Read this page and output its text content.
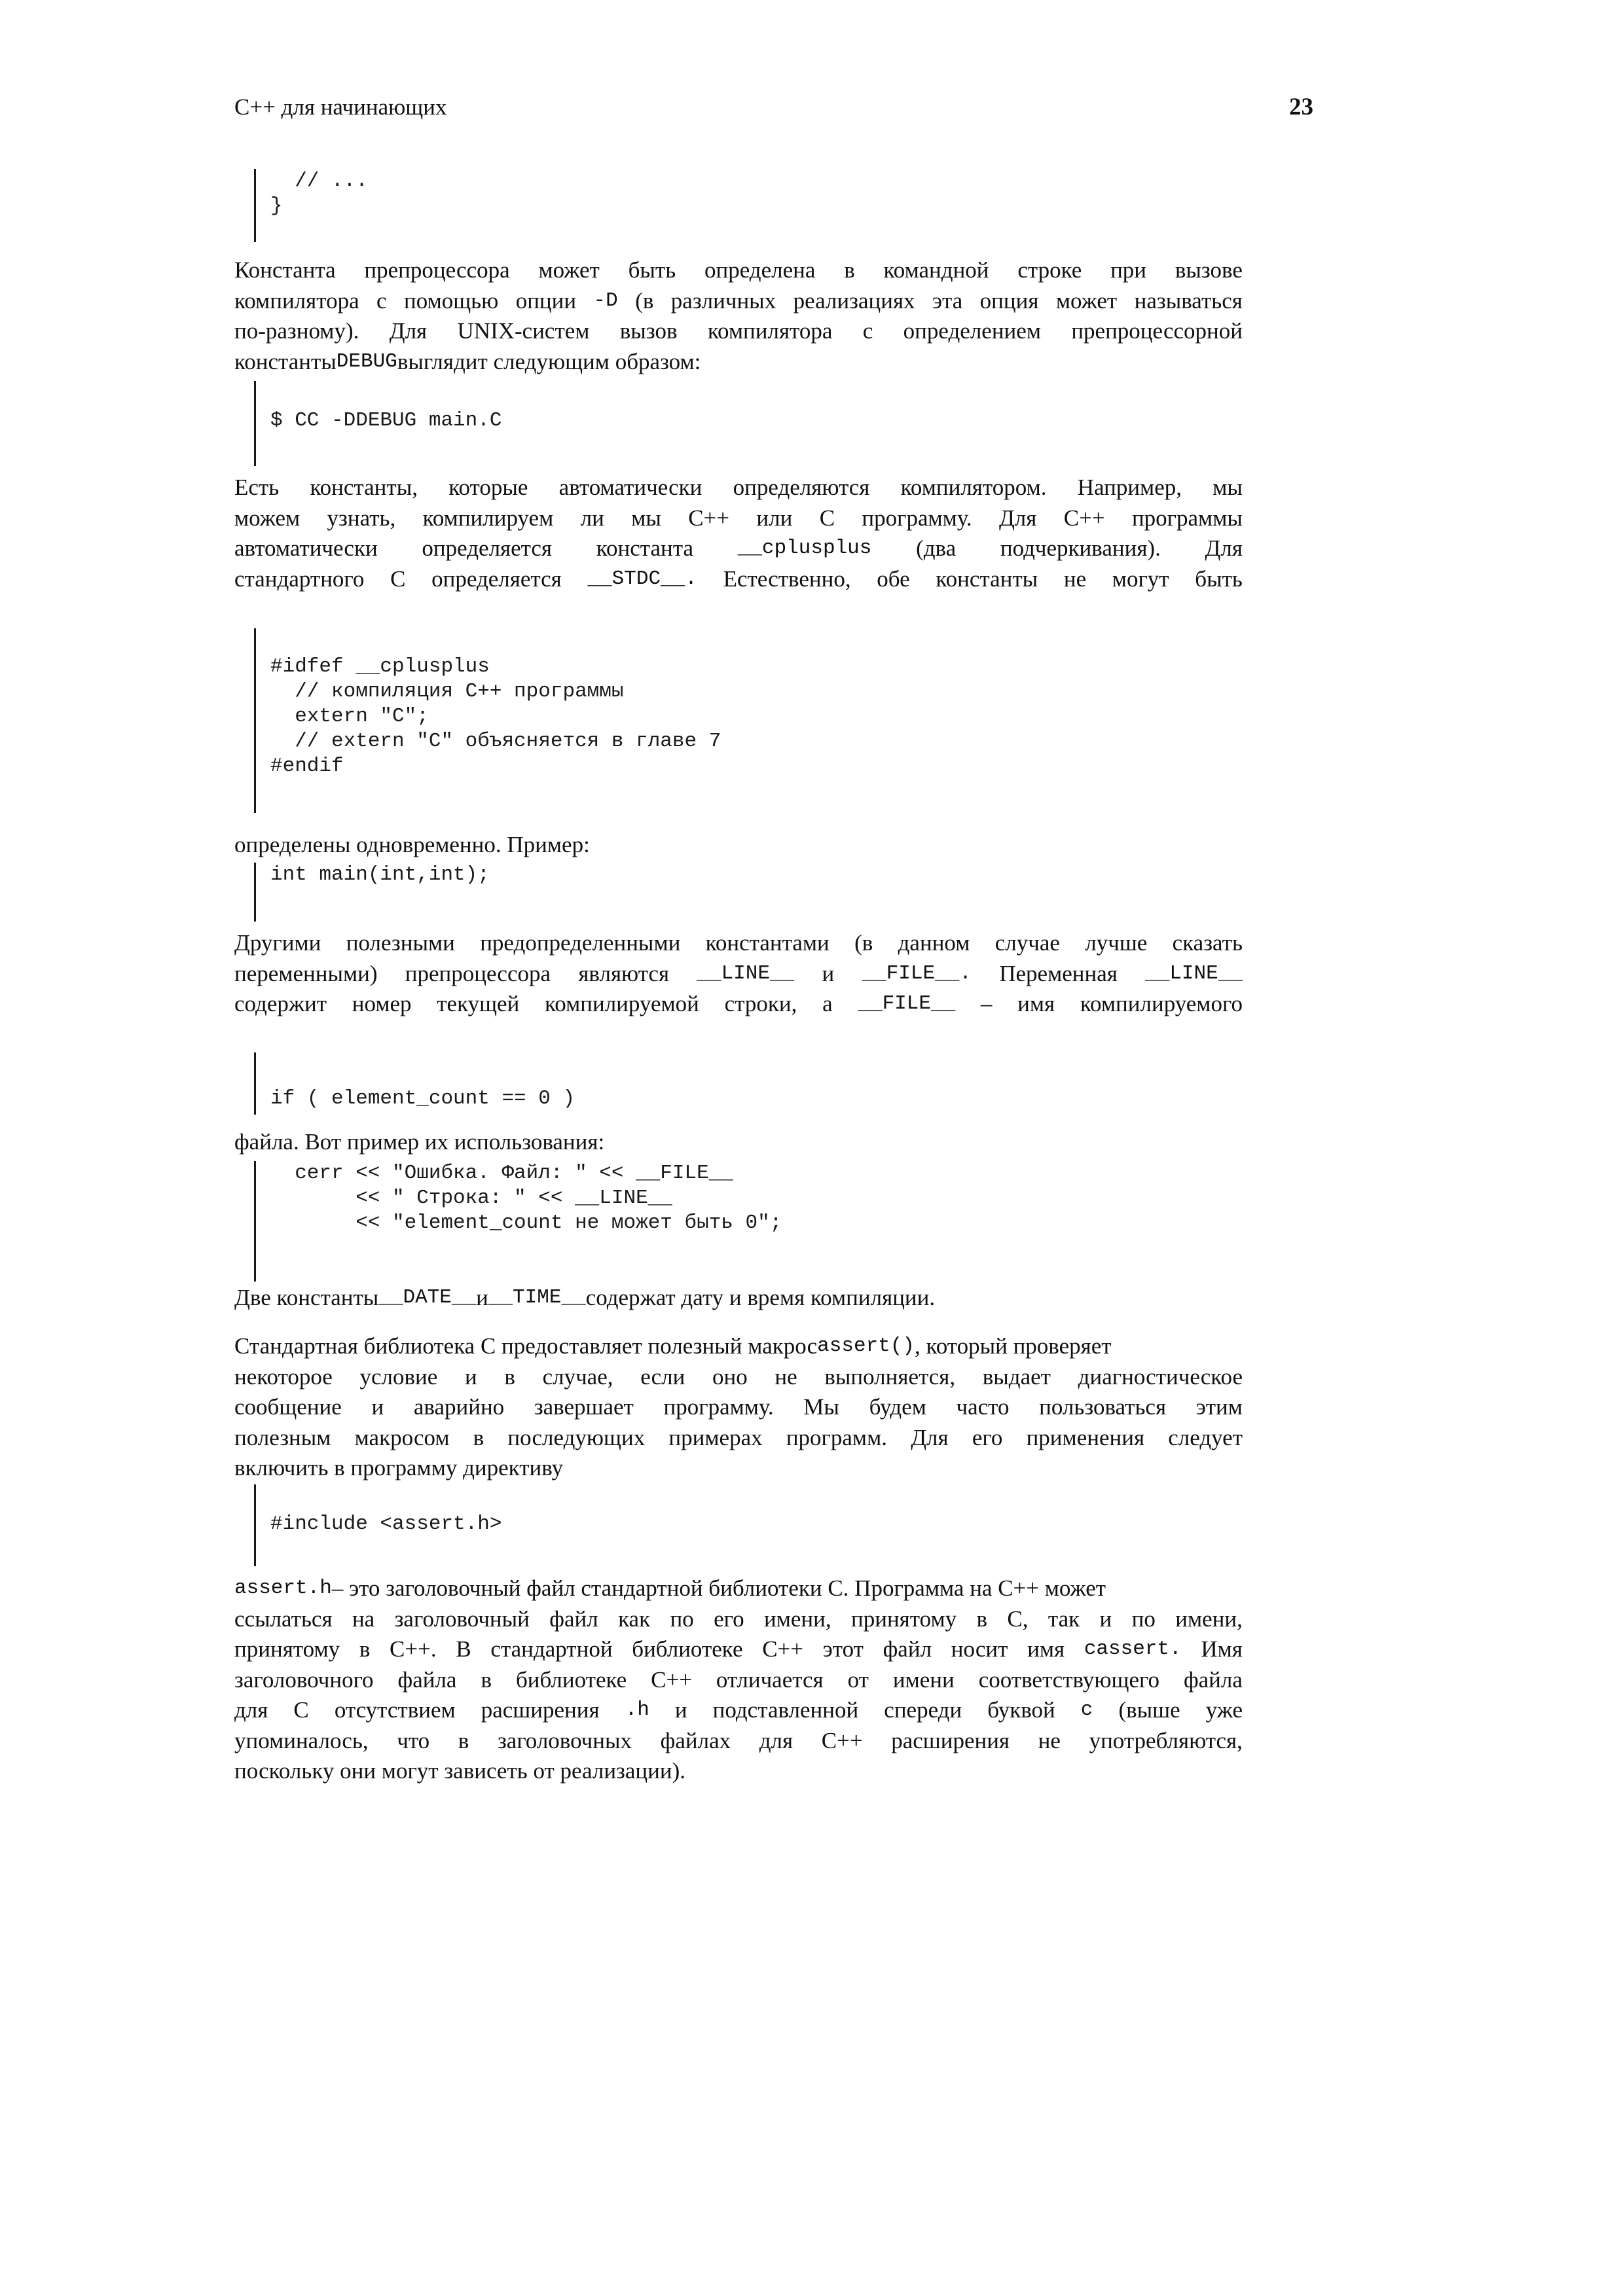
C++ для начинающих	23
// ...
}
Константа препроцессора может быть определена в командной строке при вызове
компилятора с помощью опции -D (в различных реализациях эта опция может называться
по-разному). Для UNIX-систем вызов компилятора с определением препроцессорной
константы DEBUG выглядит следующим образом:
$ CC -DDEBUG main.C
Есть константы, которые автоматически определяются компилятором. Например, мы
можем узнать, компилируем ли мы С++ или С программу. Для С++ программы
автоматически определяется константа __cplusplus (два подчеркивания). Для
стандартного С определяется __STDC__. Естественно, обе константы не могут быть
#idfef __cplusplus
// компиляция С++ программы
extern "C";
// extern "C" объясняется в главе 7
#endif
определены одновременно. Пример:
int main(int,int);
Другими полезными предопределенными константами (в данном случае лучше сказать
переменными) препроцессора являются __LINE__ и __FILE__. Переменная __LINE__
содержит номер текущей компилируемой строки, а __FILE__ – имя компилируемого
if ( element_count == 0 )
файла. Вот пример их использования:
cerr << "Ошибка. Файл: " << __FILE__
<< " Строка: " << __LINE__
<< "element_count не может быть 0";
Две константы __DATE__ и __TIME__ содержат дату и время компиляции.
Стандартная библиотека С предоставляет полезный макрос assert() , который проверяет
некоторое условие и в случае, если оно не выполняется, выдает диагностическое
сообщение и аварийно завершает программу. Мы будем часто пользоваться этим
полезным макросом в последующих примерах программ. Для его применения следует
включить в программу директиву
#include <assert.h>
assert.h – это заголовочный файл стандартной библиотеки С. Программа на С++ может
ссылаться на заголовочный файл как по его имени, принятому в С, так и по имени,
принятому в С++. В стандартной библиотеке С++ этот файл носит имя cassert. Имя
заголовочного файла в библиотеке С++ отличается от имени соответствующего файла
для С отсутствием расширения .h и подставленной спереди буквой c (выше уже
упоминалось, что в заголовочных файлах для С++ расширения не употребляются,
поскольку они могут зависеть от реализации).
